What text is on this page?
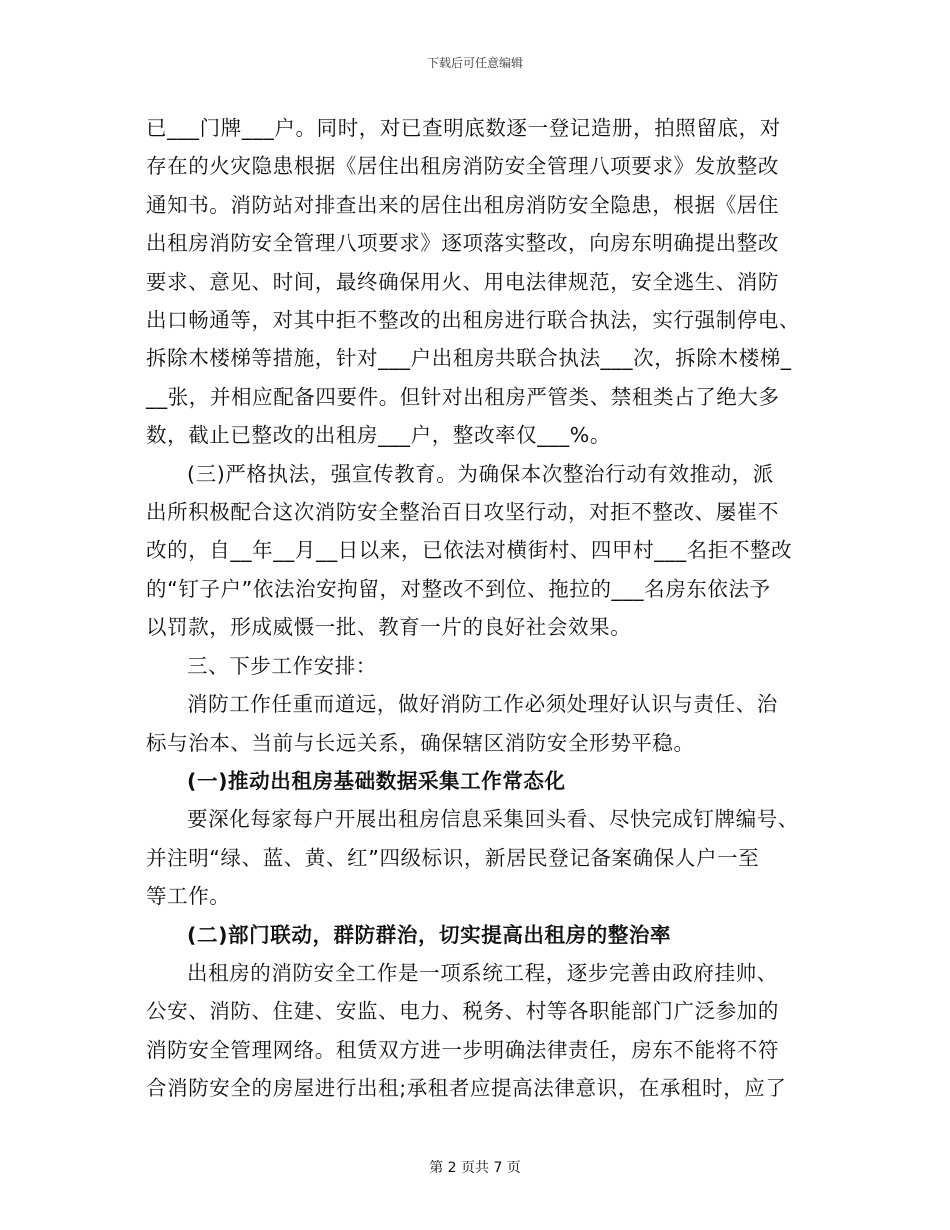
下载后可任意编辑

已___门牌___户。同时，对已查明底数逐一登记造册，拍照留底，对

存在的火灾隐患根据《居住出租房消防安全管理八项要求》发放整改

通知书。消防站对排查出来的居住出租房消防安全隐患，根据《居住

出租房消防安全管理八项要求》逐项落实整改，向房东明确提出整改

要求、意见、时间，最终确保用火、用电法律规范，安全逃生、消防

出口畅通等，对其中拒不整改的出租房进行联合执法，实行强制停电、

拆除木楼梯等措施，针对___户出租房共联合执法___次，拆除木楼梯_

__张，并相应配备四要件。但针对出租房严管类、禁租类占了绝大多

数，截止已整改的出租房___户，整改率仅___%。

(三)严格执法，强宣传教育。为确保本次整治行动有效推动，派

出所积极配合这次消防安全整治百日攻坚行动，对拒不整改、屡崔不

改的，自__年__月__日以来，已依法对横街村、四甲村___名拒不整改

的“钉子户”依法治安拘留，对整改不到位、拖拉的___名房东依法予

以罚款，形成威慑一批、教育一片的良好社会效果。

三、下步工作安排：

消防工作任重而道远，做好消防工作必须处理好认识与责任、治

标与治本、当前与长远关系，确保辖区消防安全形势平稳。

(一)推动出租房基础数据采集工作常态化

要深化每家每户开展出租房信息采集回头看、尽快完成钉牌编号、

并注明“绿、蓝、黄、红”四级标识，新居民登记备案确保人户一至

等工作。

(二)部门联动，群防群治，切实提高出租房的整治率

出租房的消防安全工作是一项系统工程，逐步完善由政府挂帅、

公安、消防、住建、安监、电力、税务、村等各职能部门广泛参加的

消防安全管理网络。租赁双方进一步明确法律责任，房东不能将不符

合消防安全的房屋进行出租;承租者应提高法律意识，在承租时，应了

第 2 页共 7 页
